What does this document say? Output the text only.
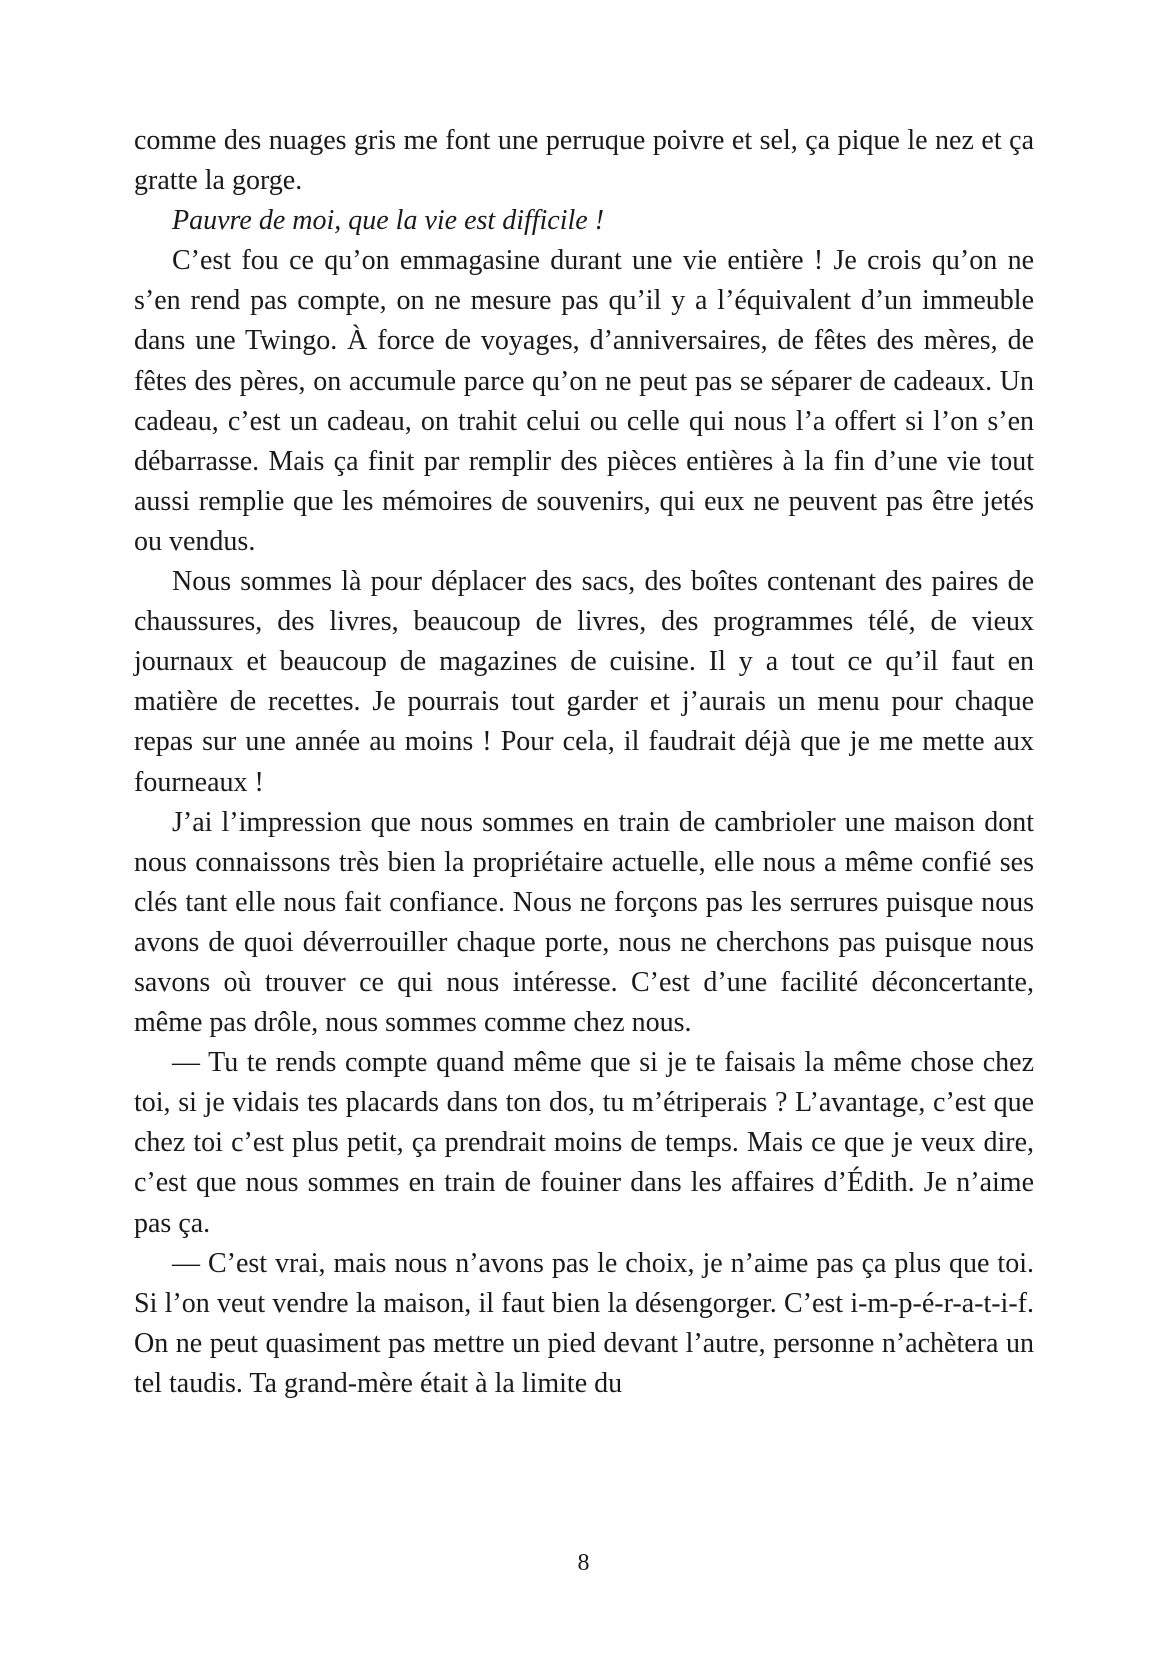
comme des nuages gris me font une perruque poivre et sel, ça pique le nez et ça gratte la gorge.

Pauvre de moi, que la vie est difficile !

C’est fou ce qu’on emmagasine durant une vie entière ! Je crois qu’on ne s’en rend pas compte, on ne mesure pas qu’il y a l’équivalent d’un immeuble dans une Twingo. À force de voyages, d’anniversaires, de fêtes des mères, de fêtes des pères, on accumule parce qu’on ne peut pas se séparer de cadeaux. Un cadeau, c’est un cadeau, on trahit celui ou celle qui nous l’a offert si l’on s’en débarrasse. Mais ça finit par remplir des pièces entières à la fin d’une vie tout aussi remplie que les mémoires de souvenirs, qui eux ne peuvent pas être jetés ou vendus.

Nous sommes là pour déplacer des sacs, des boîtes contenant des paires de chaussures, des livres, beaucoup de livres, des programmes télé, de vieux journaux et beaucoup de magazines de cuisine. Il y a tout ce qu’il faut en matière de recettes. Je pourrais tout garder et j’aurais un menu pour chaque repas sur une année au moins ! Pour cela, il faudrait déjà que je me mette aux fourneaux !

J’ai l’impression que nous sommes en train de cambrioler une maison dont nous connaissons très bien la propriétaire actuelle, elle nous a même confié ses clés tant elle nous fait confiance. Nous ne forçons pas les serrures puisque nous avons de quoi déverrouiller chaque porte, nous ne cherchons pas puisque nous savons où trouver ce qui nous intéresse. C’est d’une facilité déconcertante, même pas drôle, nous sommes comme chez nous.

— Tu te rends compte quand même que si je te faisais la même chose chez toi, si je vidais tes placards dans ton dos, tu m’étriperais ? L’avantage, c’est que chez toi c’est plus petit, ça prendrait moins de temps. Mais ce que je veux dire, c’est que nous sommes en train de fouiner dans les affaires d’Édith. Je n’aime pas ça.

— C’est vrai, mais nous n’avons pas le choix, je n’aime pas ça plus que toi. Si l’on veut vendre la maison, il faut bien la désengorger. C’est i-m-p-é-r-a-t-i-f. On ne peut quasiment pas mettre un pied devant l’autre, personne n’achètera un tel taudis. Ta grand-mère était à la limite du

8
